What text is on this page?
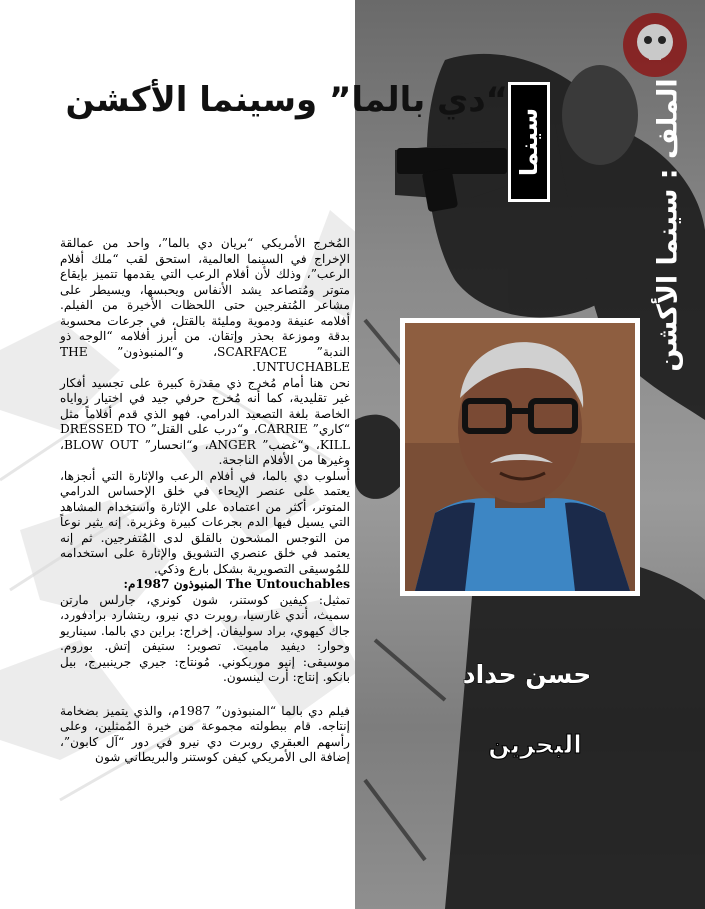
“دي بالما” وسينما الأكشن
سينما	الملف : سينما الأكشن
حسن حداد
البحرين

المُخرج الأمريكي “بريان دي بالما”، واحد من عمالقة الإخراج في السينما العالمية، استحق لقب “ملك أفلام الرعب”، وذلك لأن أفلام الرعب التي يقدمها تتميز بإيقاع متوتر ومُتصاعد يشد الأنفاس ويحبسها، ويسيطر على مشاعر المُتفرجين حتى اللحظات الأخيرة من الفيلم. أفلامه عنيفة ودموية ومليئة بالقتل، في جرعات محسوبة بدقة وموزعة بحذر وإتقان. من أبرز أفلامه “الوجه ذو الندبة” SCARFACE، و“المنبوذون” THE UNTUCHABLE.

نحن هنا أمام مُخرج ذي مقدرة كبيرة على تجسيد أفكار غير تقليدية، كما أنه مُخرج حرفي جيد في اختيار زواياه الخاصة بلغة التصعيد الدرامي. فهو الذي قدم أفلاماً مثل “كاري” CARRIE، و“درب على القتل” DRESSED TO KILL، و“غضب” ANGER، و“انحسار” BLOW OUT، وغيرها من الأفلام الناجحة.

أسلوب دي بالما، في أفلام الرعب والإثارة التي أنجزها، يعتمد على عنصر الإيحاء في خلق الإحساس الدرامي المتوتر، أكثر من اعتماده على الإثارة واستخدام المشاهد التي يسيل فيها الدم بجرعات كبيرة وغزيرة. إنه يثير نوعاً من التوجس المشحون بالقلق لدى المُتفرجين. ثم إنه يعتمد في خلق عنصري التشويق والإثارة على استخدامه للمُوسيقى التصويرية بشكل بارع وذكي.

The Untouchables المنبوذون 1987م:

تمثيل: كيفين كوستنر، شون كونري، جارلس مارتن سميث، أندي غارسيا، روبرت دي نيرو، ريتشارد برادفورد، جاك كيهوي، براد سوليفان. إخراج: براين دي بالما. سيناريو وحوار: ديفيد ماميت. تصوير: ستيفن إتش. بوروم. موسيقى: إنيو موريكوني. مُونتاج: جيري جرينبيرج، بيل بانكو. إنتاج: أرت لينسون.

فيلم دي بالما “المنبوذون” 1987م، والذي يتميز بضخامة إنتاجه. قام ببطولته مجموعة من خيرة المُمثلين، وعلى رأسهم العبقري روبرت دي نيرو في دور “آل كابون”، إضافة الى الأمريكي كيفن كوستنر والبريطاني شون
